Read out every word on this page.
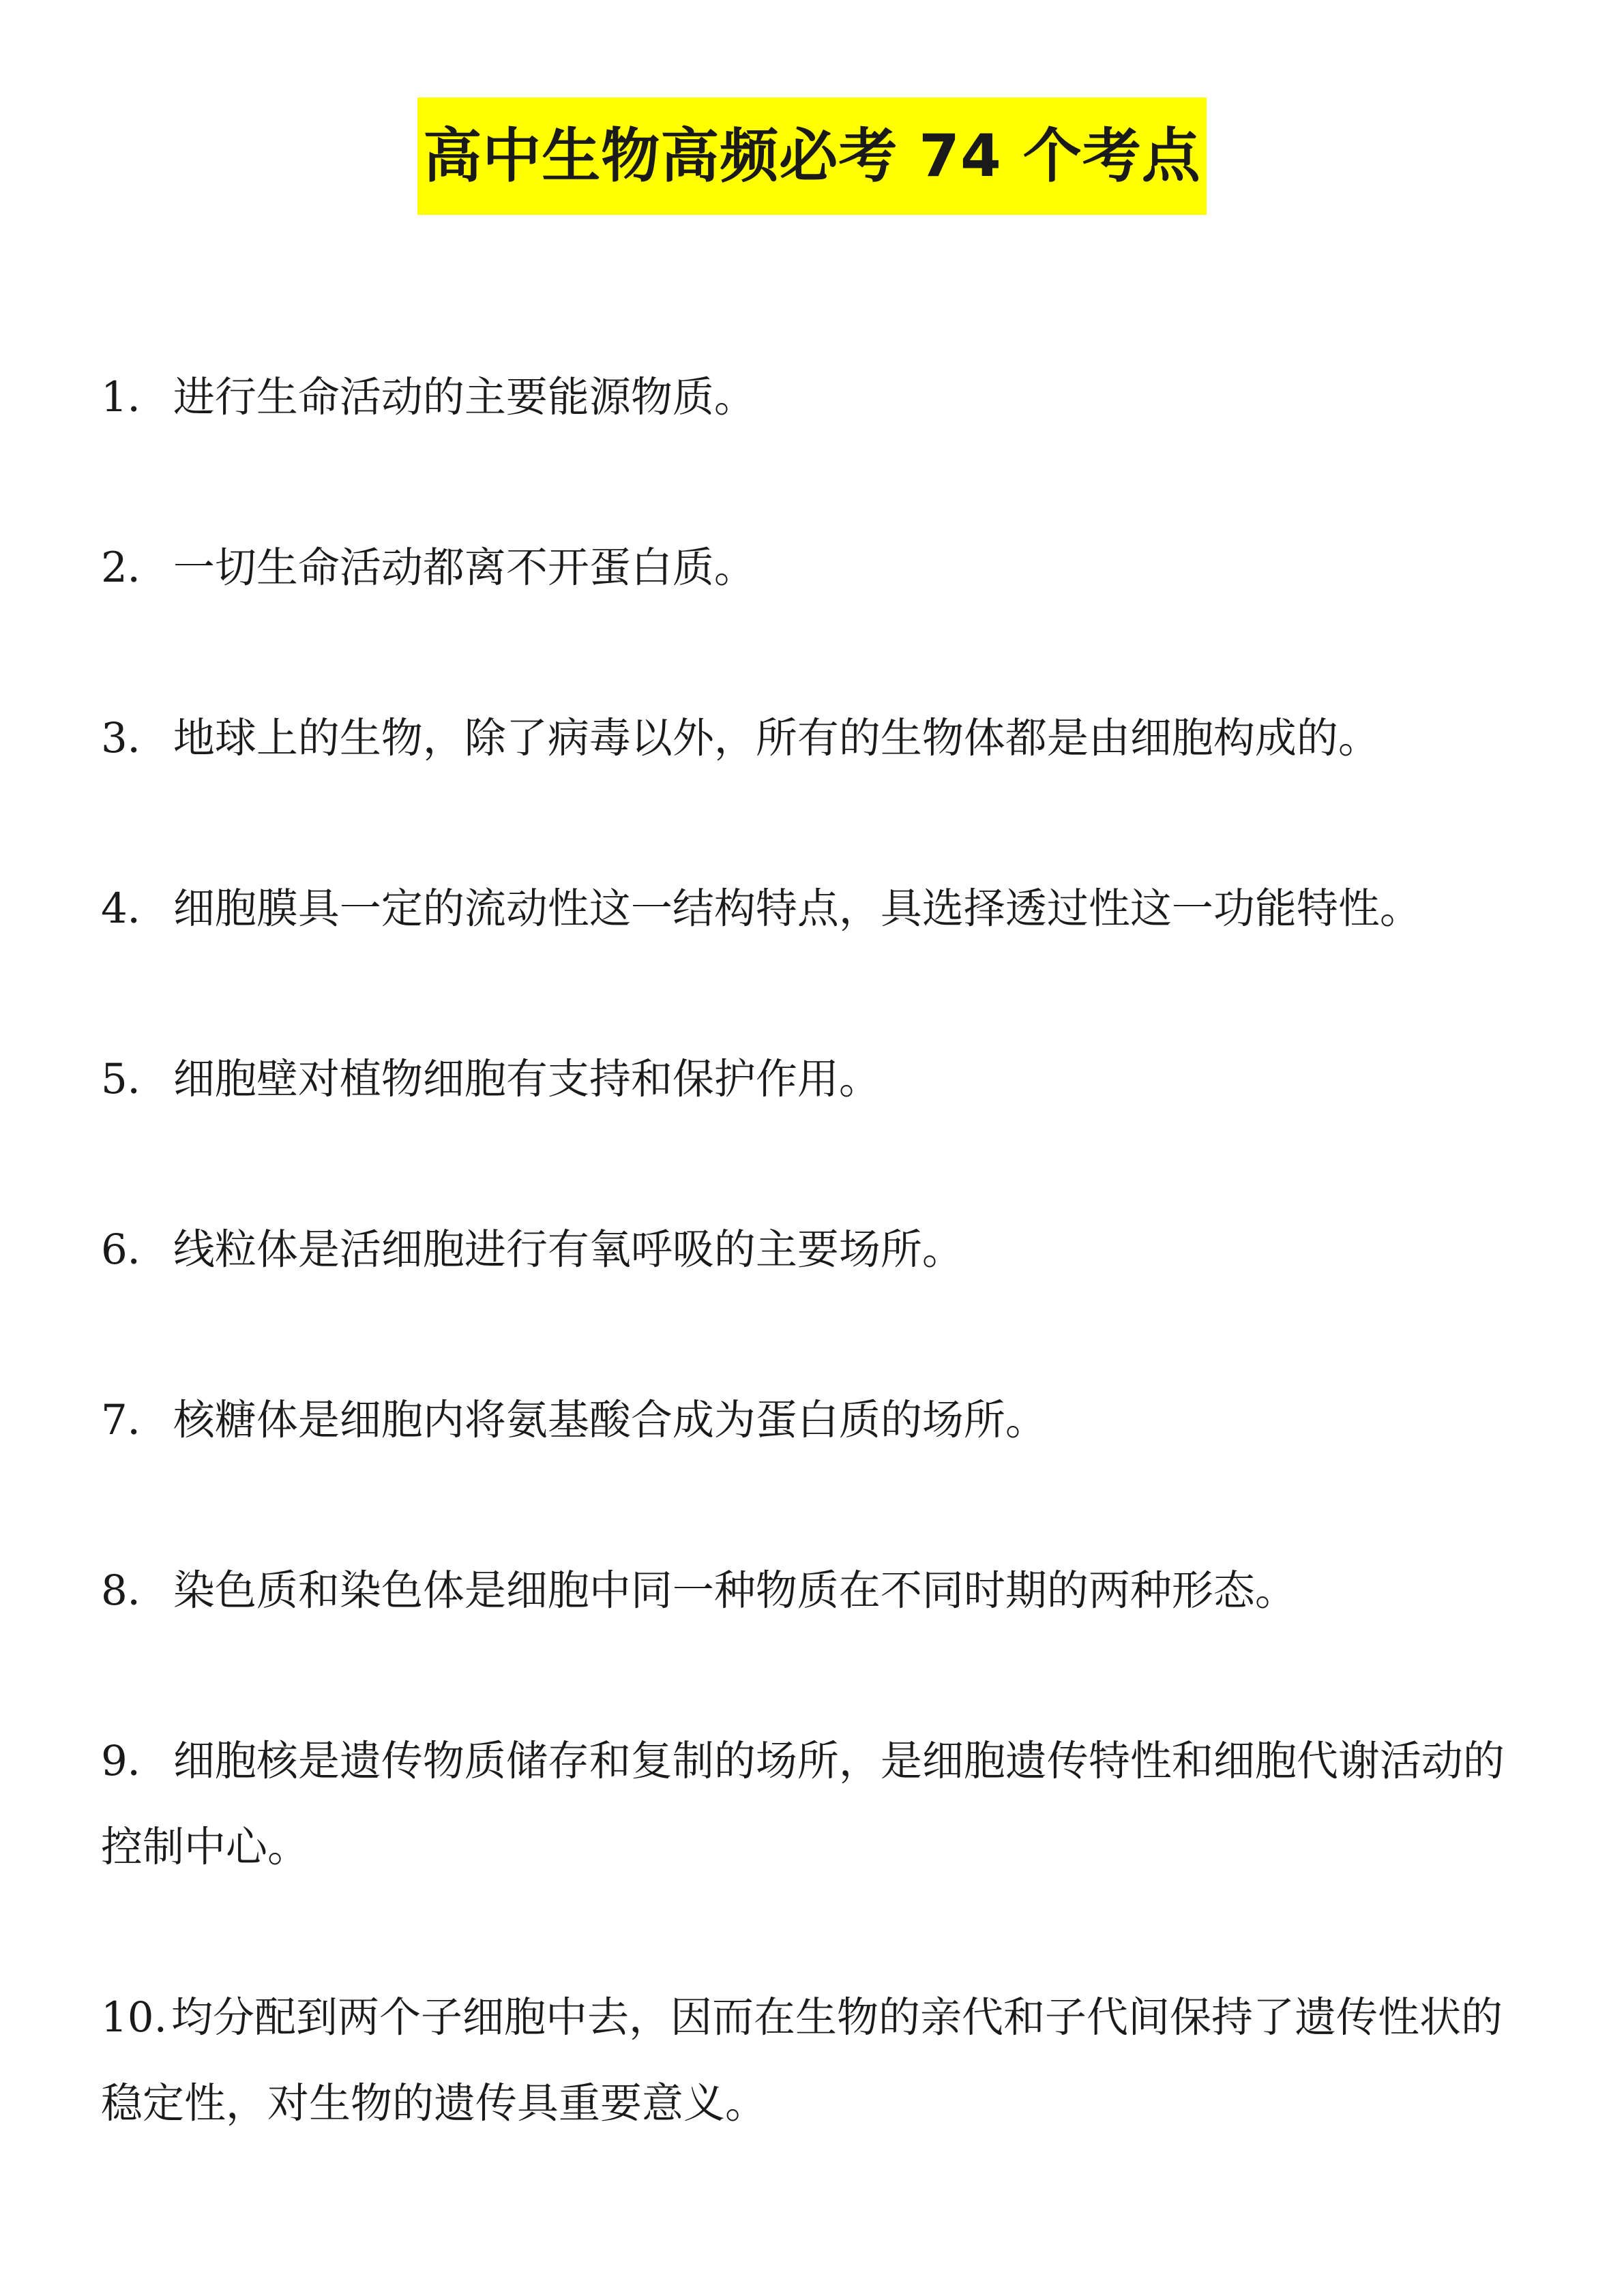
高中生物高频必考 74 个考点

1．进行生命活动的主要能源物质。

2．一切生命活动都离不开蛋白质。

3．地球上的生物，除了病毒以外，所有的生物体都是由细胞构成的。

4．细胞膜具一定的流动性这一结构特点，具选择透过性这一功能特性。

5．细胞壁对植物细胞有支持和保护作用。

6．线粒体是活细胞进行有氧呼吸的主要场所。

7．核糖体是细胞内将氨基酸合成为蛋白质的场所。

8．染色质和染色体是细胞中同一种物质在不同时期的两种形态。

9．细胞核是遗传物质储存和复制的场所，是细胞遗传特性和细胞代谢活动的控制中心。

10.均分配到两个子细胞中去，因而在生物的亲代和子代间保持了遗传性状的稳定性，对生物的遗传具重要意义。
